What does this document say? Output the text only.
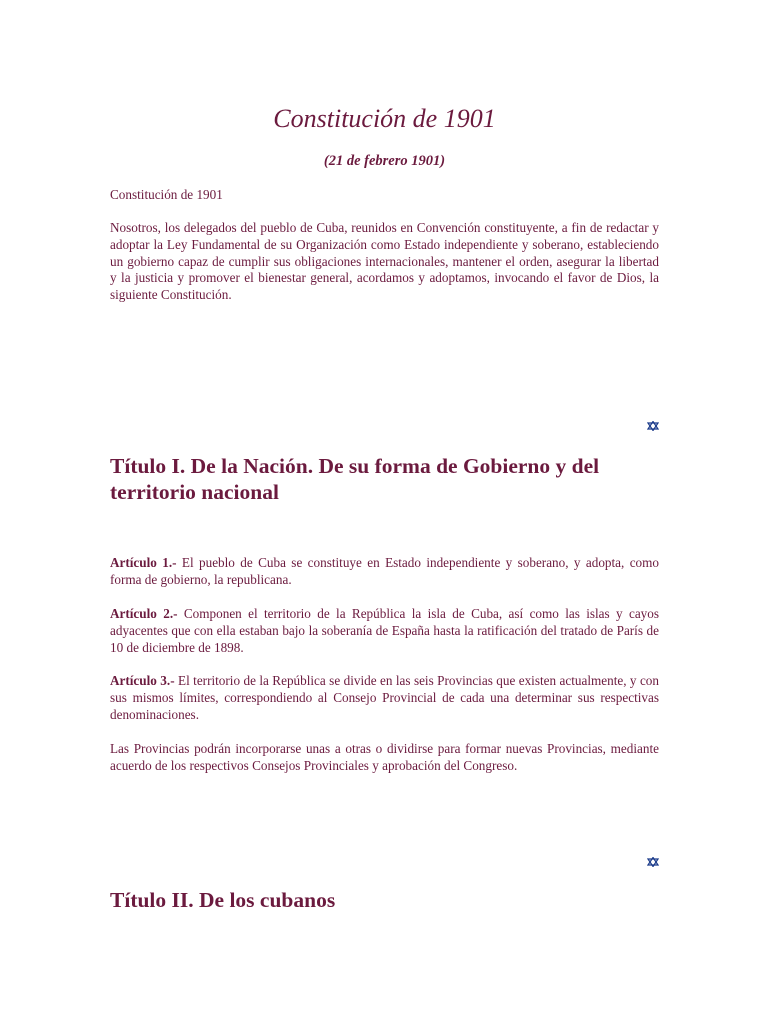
Constitución de 1901

(21 de febrero 1901)

Constitución de 1901

Nosotros, los delegados del pueblo de Cuba, reunidos en Convención constituyente, a fin de redactar y adoptar la Ley Fundamental de su Organización como Estado independiente y soberano, estableciendo un gobierno capaz de cumplir sus obligaciones internacionales, mantener el orden, asegurar la libertad y la justicia y promover el bienestar general, acordamos y adoptamos, invocando el favor de Dios, la siguiente Constitución.

Título I. De la Nación. De su forma de Gobierno y del territorio nacional

Artículo 1.- El pueblo de Cuba se constituye en Estado independiente y soberano, y adopta, como forma de gobierno, la republicana.

Artículo 2.- Componen el territorio de la República la isla de Cuba, así como las islas y cayos adyacentes que con ella estaban bajo la soberanía de España hasta la ratificación del tratado de París de 10 de diciembre de 1898.

Artículo 3.- El territorio de la República se divide en las seis Provincias que existen actualmente, y con sus mismos límites, correspondiendo al Consejo Provincial de cada una determinar sus respectivas denominaciones.

Las Provincias podrán incorporarse unas a otras o dividirse para formar nuevas Provincias, mediante acuerdo de los respectivos Consejos Provinciales y aprobación del Congreso.

Título II. De los cubanos
